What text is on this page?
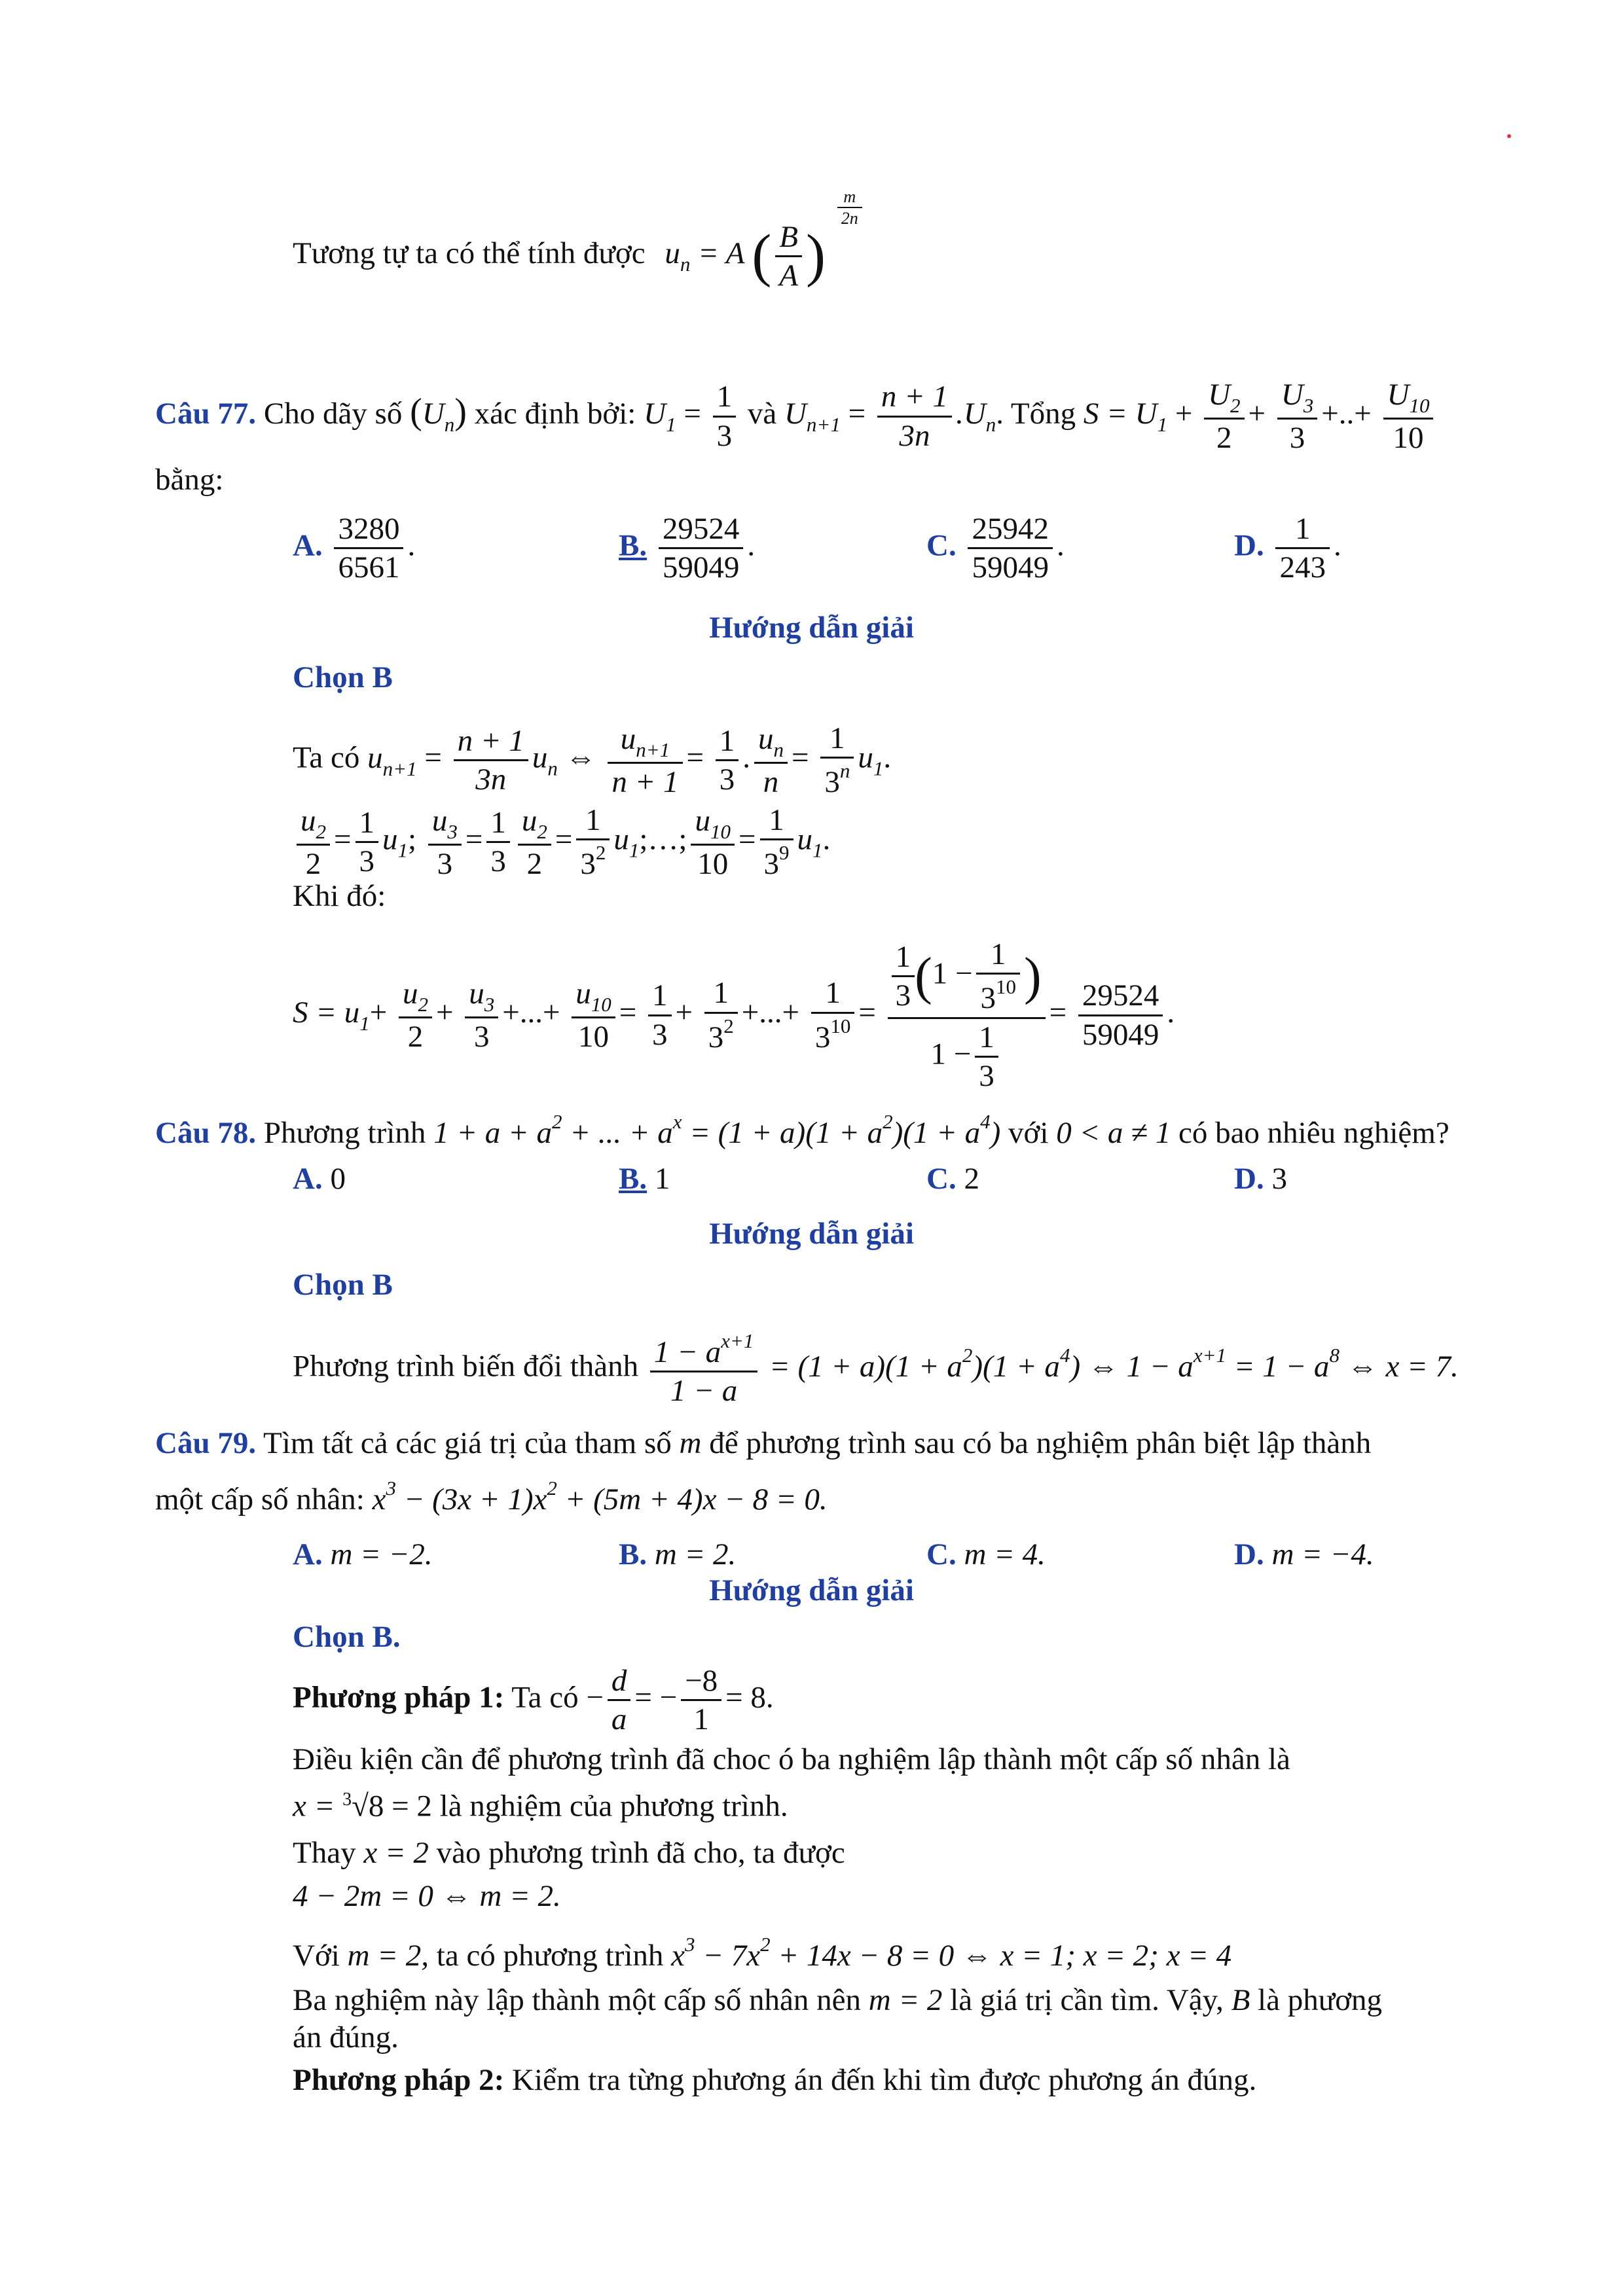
Tương tự ta có thể tính được $u_n = A$ ( $\frac{B}{A}$ )
$\frac{m}{2n}$
Câu 77. Cho dãy số $(U_n)$ xác định bởi: $U_1 = \frac{1}{3}$ và $U_{n+1} = \frac{n + 1}{3n} .U_n$. Tổng $S = U_1 + \frac{U_2}{2} + \frac{U_3}{3}$ +..+ $\frac{U_{10}}{10}$
bằng:
A. $\frac{3280}{6561}$ .	B. $\frac{29524}{59049}$ .	C. $\frac{25942}{59049}$ .	D. $\frac{1}{243}$ .
Hướng dẫn giải
Chọn B
Ta có $u_{n+1} = \frac{n + 1}{3n} u_n$ ⇔ $\frac{u_{n+1}}{n + 1} = \frac{1}{3}$ . $\frac{u_n}{n} = \frac{1}{3^n} u_1$.
$\frac{u_2}{2} = \frac{1}{3} u_1$; $\frac{u_3}{3} = \frac{1}{3} \frac{u_2}{2} = \frac{1}{3^2}$ $u_1;\dots$; $\frac{u_{10}}{10} = \frac{1}{3^9} u_1$.
Khi đó:
$S = u_1+ \frac{u_2}{2} + \frac{u_3}{3}$ +...+ $\frac{u_{10}}{10} = \frac{1}{3} + \frac{1}{3^2}$ +...+ $\frac{1}{3^{10}} = \frac{\frac{1}{3} (1 - \frac{1}{3^{10}} )}{1 - \frac{1}{3}} = \frac{29524}{59049}$ .
Câu 78. Phương trình $1 + a + a^2$ + ... + $a^x = (1 + a)(1 + a^2)(1 + a^4)$ với 0 < a ≠ 1 có bao nhiêu nghiệm?
A. 0	B. 1	C. 2	D. 3
Hướng dẫn giải
Chọn B
Phương trình biến đổi thành $\frac{1 - a^{x+1}}{1 - a} = (1 + a)(1 + a^2)(1 + a^4)$ ⇔ $1 - a^{x+1} = 1 - a^8$ ⇔ x = 7.
Câu 79. Tìm tất cả các giá trị của tham số m để phương trình sau có ba nghiệm phân biệt lập thành
một cấp số nhân: $x^3 - (3x + 1)x^2 + (5m + 4)x - 8 = 0$.
A. m = −2.	B. m = 2.	C. m = 4.	D. m = −4.
Hướng dẫn giải
Chọn B.
Phương pháp 1: Ta có − $\frac{d}{a}$ = − $\frac{-8}{1} = 8$.
Điều kiện cần để phương trình đã choc ó ba nghiệm lập thành một cấp số nhân là
x = $^3$√8 = 2 là nghiệm của phương trình.
Thay x = 2 vào phương trình đã cho, ta được
4 − 2m = 0 ⇔ m = 2.
Với m = 2, ta có phương trình $x^3 - 7x^2 + 14x - 8 = 0$ ⇔ x = 1; x = 2; x = 4
Ba nghiệm này lập thành một cấp số nhân nên m = 2 là giá trị cần tìm. Vậy, B là phương
án đúng.
Phương pháp 2: Kiểm tra từng phương án đến khi tìm được phương án đúng.
